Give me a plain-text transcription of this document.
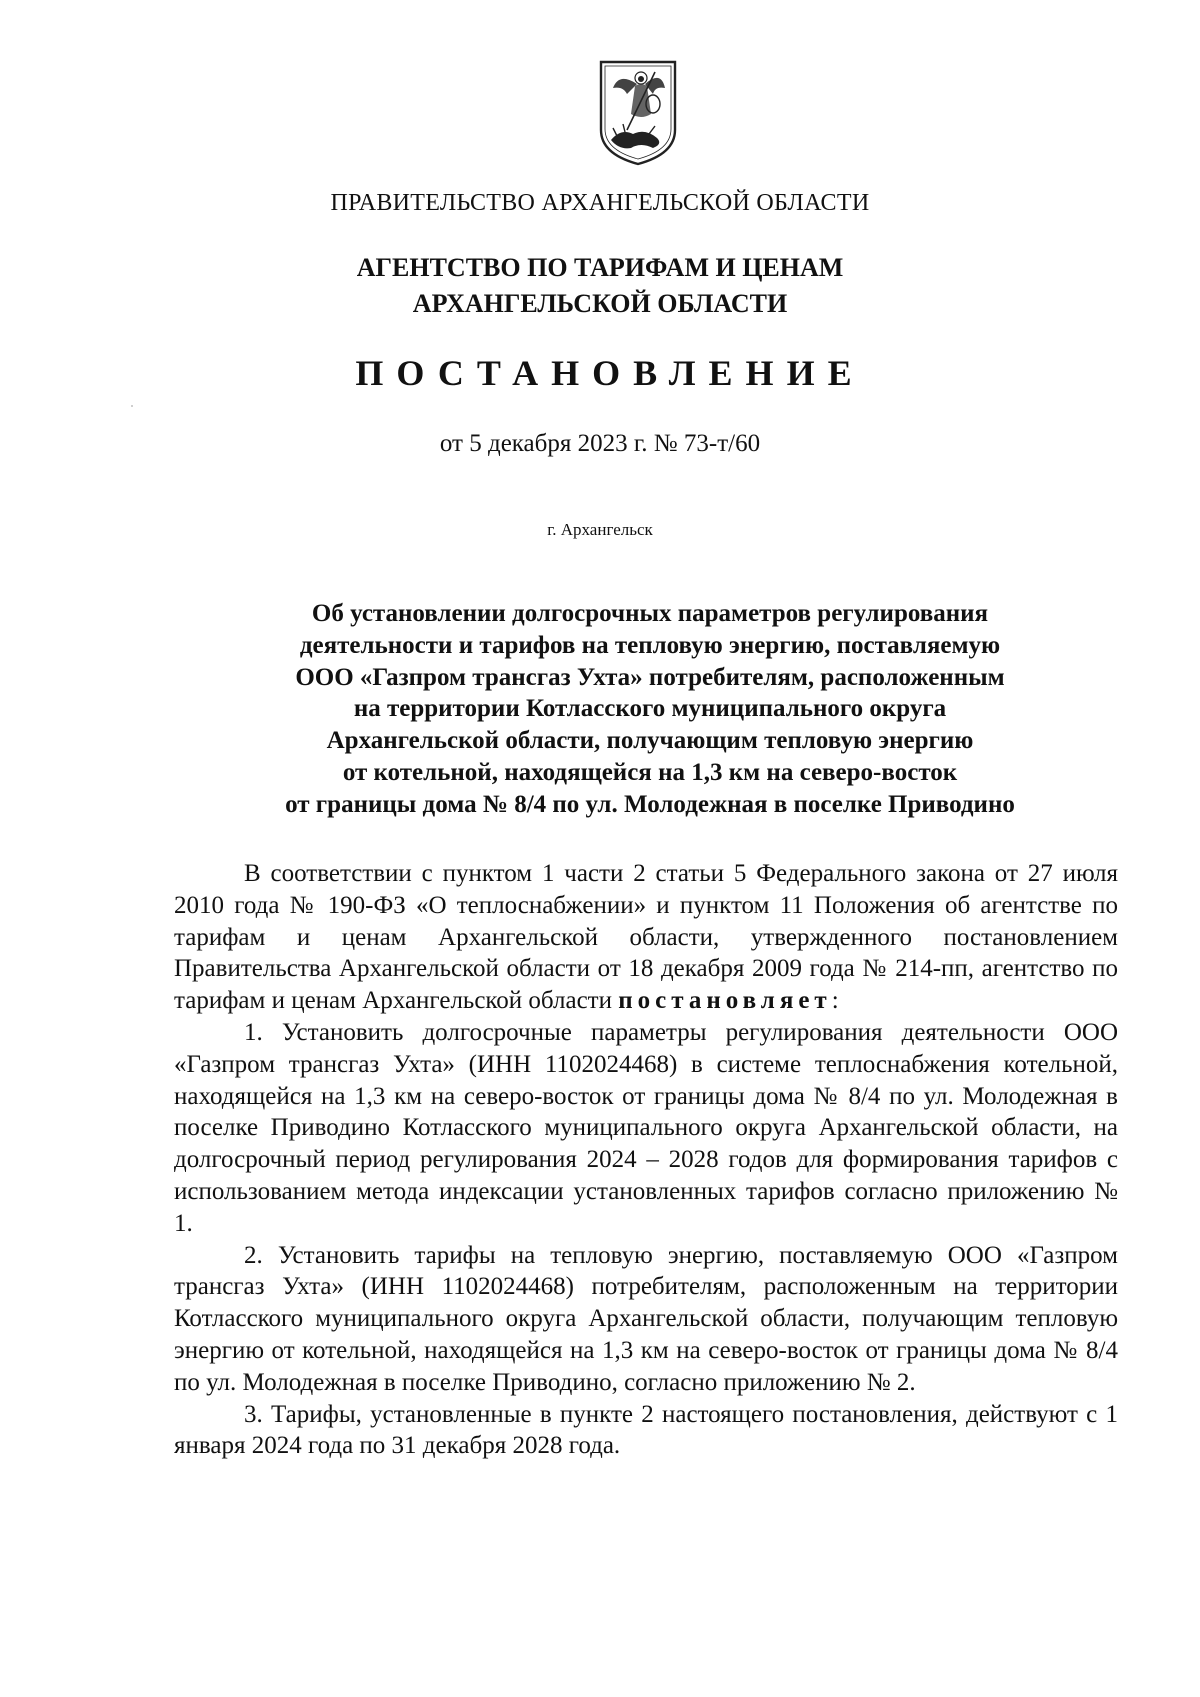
ПРАВИТЕЛЬСТВО АРХАНГЕЛЬСКОЙ ОБЛАСТИ
АГЕНТСТВО ПО ТАРИФАМ И ЦЕНАМ
АРХАНГЕЛЬСКОЙ ОБЛАСТИ
ПОСТАНОВЛЕНИЕ
от 5 декабря 2023 г. № 73-т/60
г. Архангельск
Об установлении долгосрочных параметров регулирования
деятельности и тарифов на тепловую энергию, поставляемую
ООО «Газпром трансгаз Ухта» потребителям, расположенным
на территории Котласского муниципального округа
Архангельской области, получающим тепловую энергию
от котельной, находящейся на 1,3 км на северо-восток
от границы дома № 8/4 по ул. Молодежная в поселке Приводино

В соответствии с пунктом 1 части 2 статьи 5 Федерального закона от 27 июля 2010 года № 190-ФЗ «О теплоснабжении» и пунктом 11 Положения об агентстве по тарифам и ценам Архангельской области, утвержденного постановлением Правительства Архангельской области от 18 декабря 2009 года № 214-пп, агентство по тарифам и ценам Архангельской области постановляет:

1. Установить долгосрочные параметры регулирования деятельности ООО «Газпром трансгаз Ухта» (ИНН 1102024468) в системе теплоснабжения котельной, находящейся на 1,3 км на северо-восток от границы дома № 8/4 по ул. Молодежная в поселке Приводино Котласского муниципального округа Архангельской области, на долгосрочный период регулирования 2024 – 2028 годов для формирования тарифов с использованием метода индексации установленных тарифов согласно приложению № 1.

2. Установить тарифы на тепловую энергию, поставляемую ООО «Газпром трансгаз Ухта» (ИНН 1102024468) потребителям, расположенным на территории Котласского муниципального округа Архангельской области, получающим тепловую энергию от котельной, находящейся на 1,3 км на северо-восток от границы дома № 8/4 по ул. Молодежная в поселке Приводино, согласно приложению № 2.

3. Тарифы, установленные в пункте 2 настоящего постановления, действуют с 1 января 2024 года по 31 декабря 2028 года.
